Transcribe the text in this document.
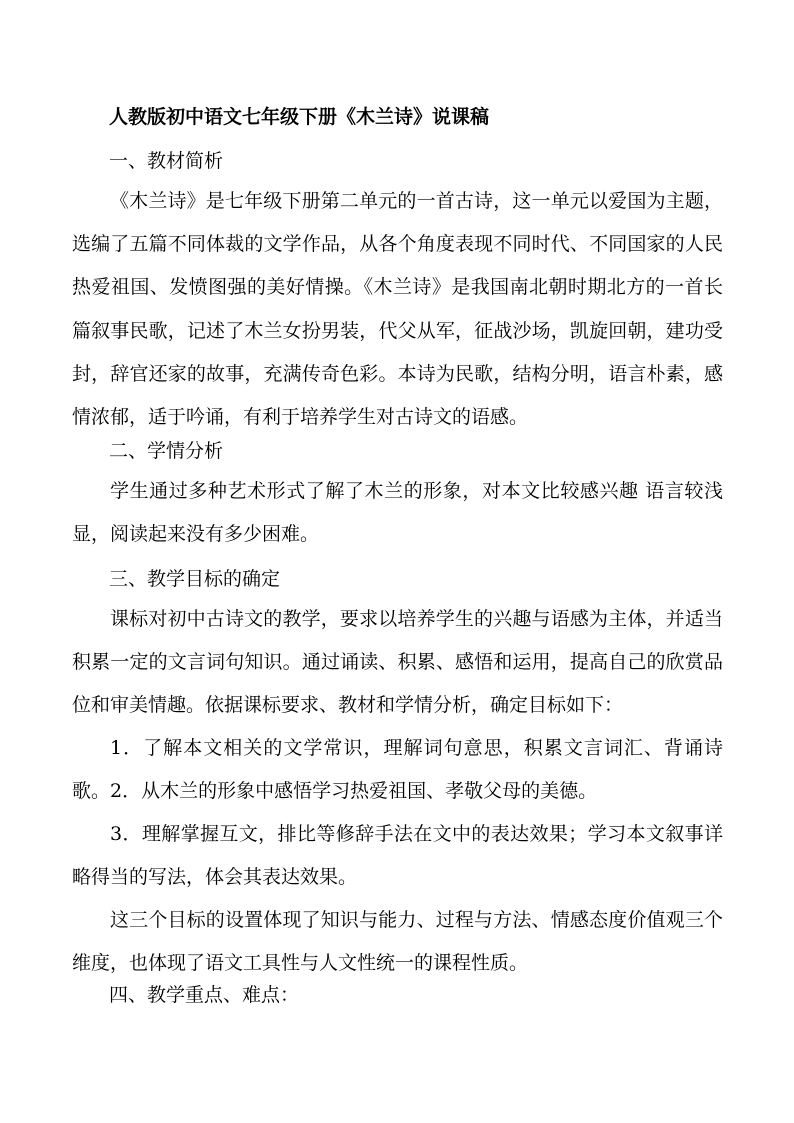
人教版初中语文七年级下册《木兰诗》说课稿
一、教材简析

《木兰诗》是七年级下册第二单元的一首古诗，这一单元以爱国为主题，选编了五篇不同体裁的文学作品，从各个角度表现不同时代、不同国家的人民热爱祖国、发愤图强的美好情操。《木兰诗》是我国南北朝时期北方的一首长篇叙事民歌，记述了木兰女扮男装，代父从军，征战沙场，凯旋回朝，建功受封，辞官还家的故事，充满传奇色彩。本诗为民歌，结构分明，语言朴素，感情浓郁，适于吟诵，有利于培养学生对古诗文的语感。

二、学情分析

学生通过多种艺术形式了解了木兰的形象，对本文比较感兴趣 语言较浅显，阅读起来没有多少困难。

三、教学目标的确定

课标对初中古诗文的教学，要求以培养学生的兴趣与语感为主体，并适当积累一定的文言词句知识。通过诵读、积累、感悟和运用，提高自己的欣赏品位和审美情趣。依据课标要求、教材和学情分析，确定目标如下：

1．了解本文相关的文学常识，理解词句意思，积累文言词汇、背诵诗歌。 2．从木兰的形象中感悟学习热爱祖国、孝敬父母的美德。

3．理解掌握互文，排比等修辞手法在文中的表达效果；学习本文叙事详略得当的写法，体会其表达效果。

这三个目标的设置体现了知识与能力、过程与方法、情感态度价值观三个维度，也体现了语文工具性与人文性统一的课程性质。

四、教学重点、难点：
